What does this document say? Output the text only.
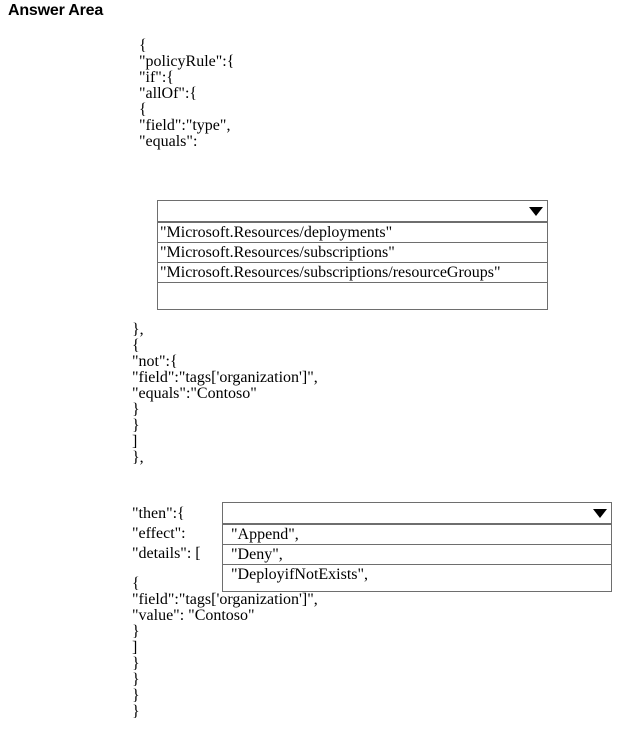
Answer Area
{
"policyRule":{
"if":{
"allOf":{
{
"field":"type",
"equals":
"Microsoft.Resources/deployments"
"Microsoft.Resources/subscriptions"
"Microsoft.Resources/subscriptions/resourceGroups"
},
{
"not":{
"field":"tags['organization']",
"equals":"Contoso"
}
}
]
},
"then":{
"effect":
"details": [
"Append",
"Deny",
"DeployifNotExists",
{
"field":"tags['organization']",
"value": "Contoso"
}
]
}
}
}
}
